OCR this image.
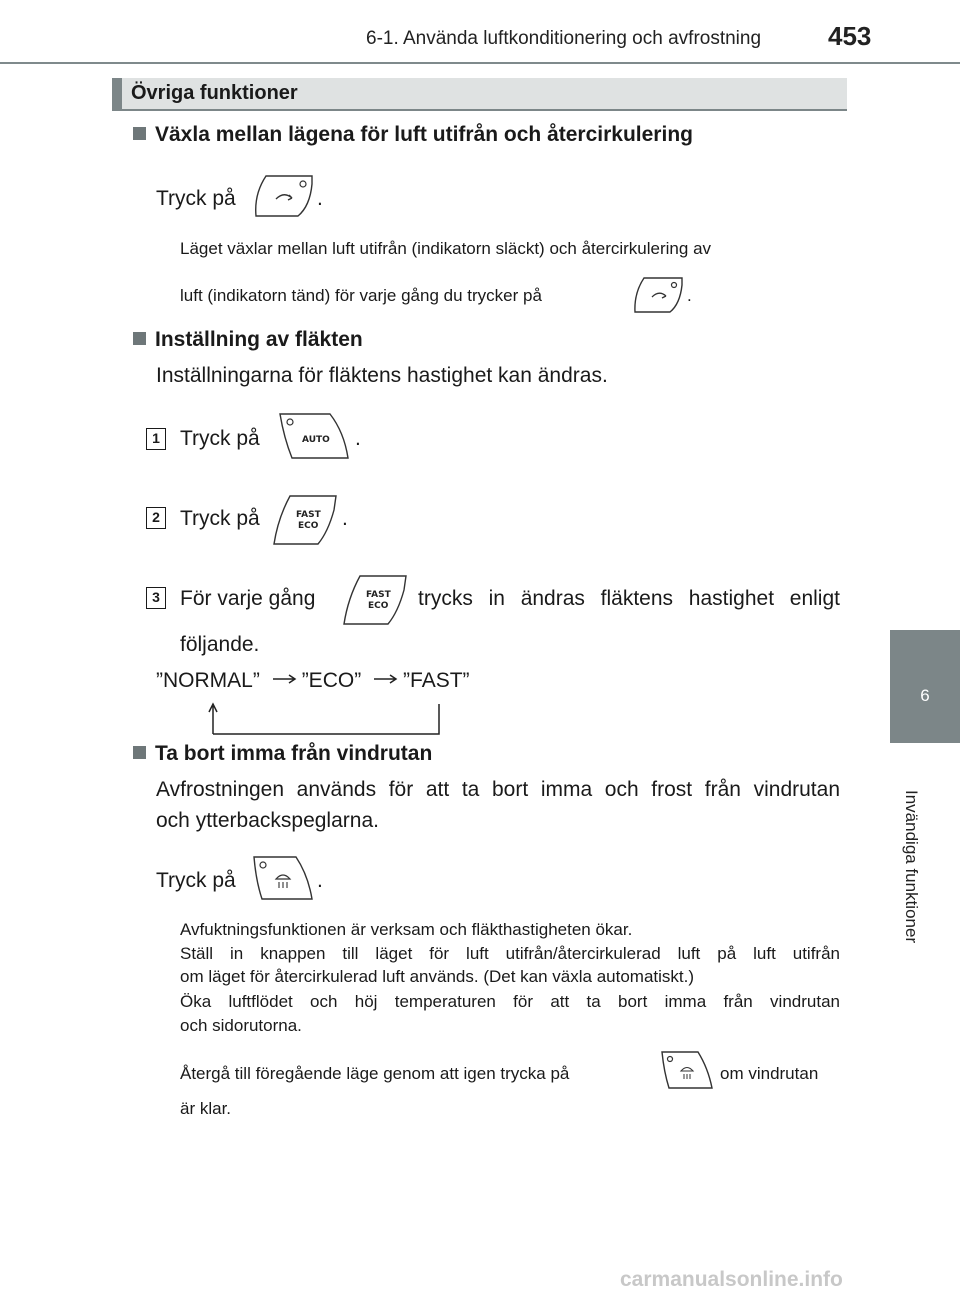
6-1. Använda luftkonditionering och avfrostning	453
6
Invändiga funktioner
Övriga funktioner
Växla mellan lägena för luft utifrån och återcirkulering
Tryck på	.
Läget växlar mellan luft utifrån (indikatorn släckt) och återcirkulering av
luft (indikatorn tänd) för varje gång du trycker på	.
Inställning av fläkten
Inställningarna för fläktens hastighet kan ändras.
1 Tryck på	AUTO .
2 Tryck på	FAST
ECO .
3 För varje gång	FAST
ECO trycks in ändras fläktens hastighet enligt
följande.
”NORMAL” ”ECO” ”FAST”
Ta bort imma från vindrutan
Avfrostningen används för att ta bort imma och frost från vindrutan
och ytterbackspeglarna.
Tryck på	.
Avfuktningsfunktionen är verksam och fläkthastigheten ökar.
Ställ in knappen till läget för luft utifrån/återcirkulerad luft på luft utifrån
om läget för återcirkulerad luft används. (Det kan växla automatiskt.)
Öka luftflödet och höj temperaturen för att ta bort imma från vindrutan
och sidorutorna.
Återgå till föregående läge genom att igen trycka på	om vindrutan
är klar.
carmanualsonline.info
